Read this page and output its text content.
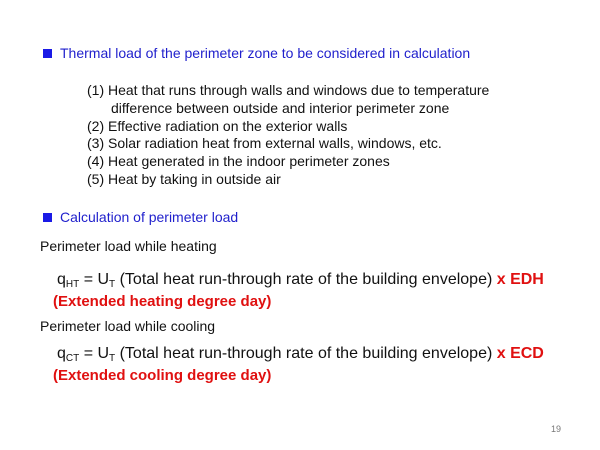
Thermal load of the perimeter zone to be considered in calculation
(1) Heat that runs through walls and windows due to temperature
difference between outside and interior perimeter zone
(2) Effective radiation on the exterior walls
(3) Solar radiation heat from external walls, windows, etc.
(4) Heat generated in the indoor perimeter zones
(5) Heat by taking in outside air
Calculation of perimeter load
Perimeter load while heating
$q_{HT} = U_T$ (Total heat run-through rate of the building envelope) x EDH
(Extended heating degree day)
Perimeter load while cooling
$q_{CT} = U_T$ (Total heat run-through rate of the building envelope) x ECD
(Extended cooling degree day)
19
